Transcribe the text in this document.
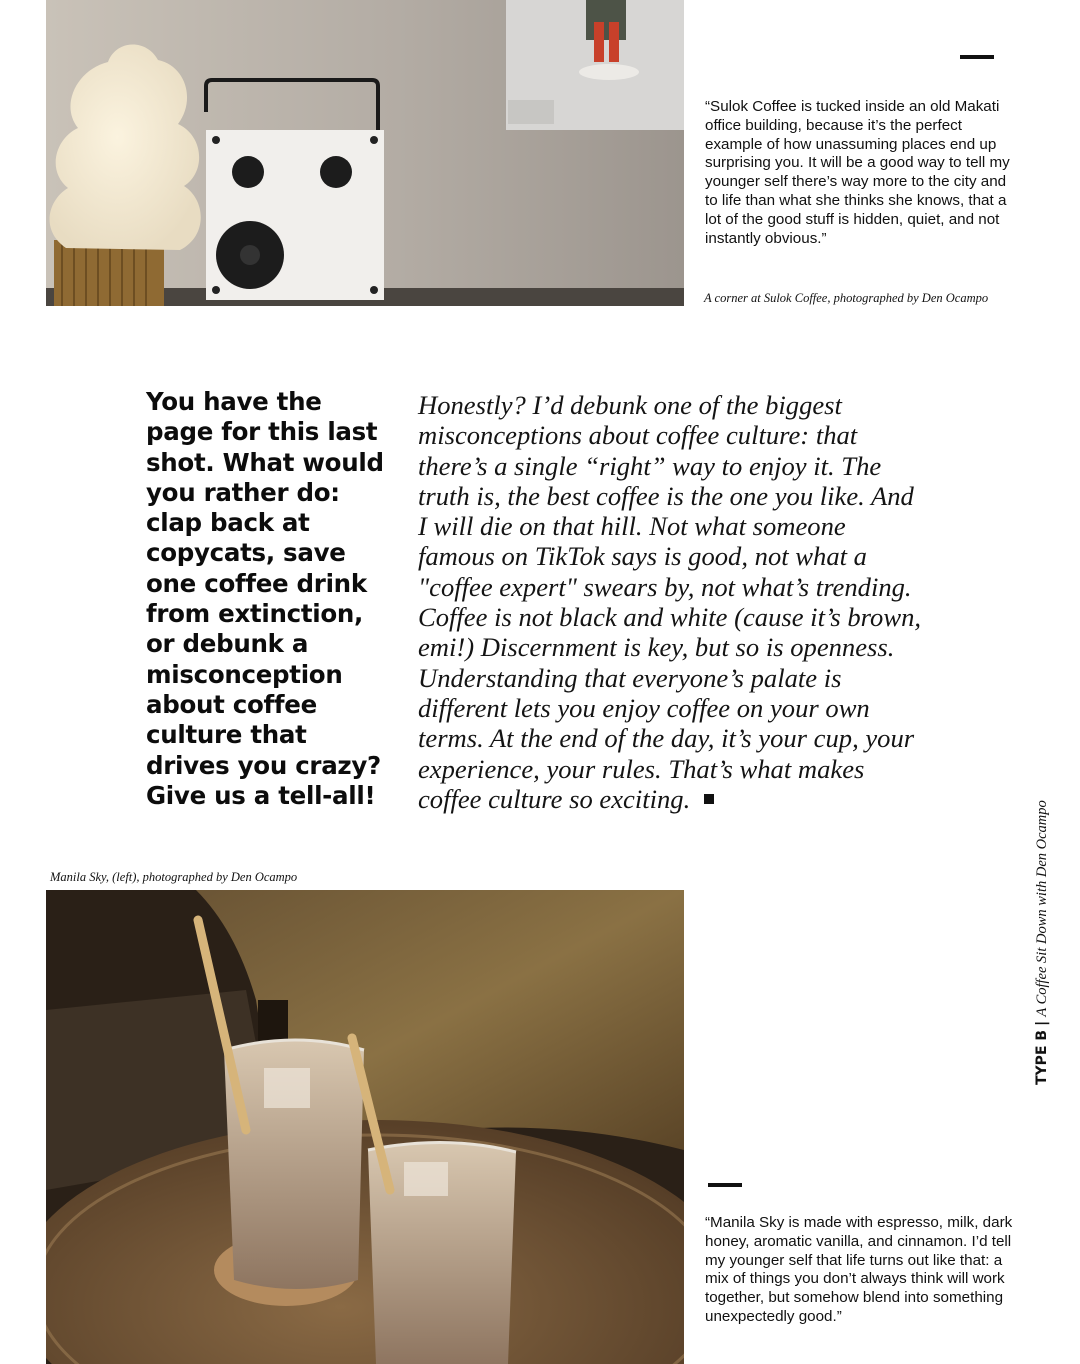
“Sulok Coffee is tucked inside an old Makati office building, because it’s the perfect example of how unassuming places end up surprising you. It will be a good way to tell my younger self there’s way more to the city and to life than what she thinks she knows, that a lot of the good stuff is hidden, quiet, and not instantly obvious.”
A corner at Sulok Coffee, photographed by Den Ocampo
You have the page for this last shot. What would you rather do: clap back at copycats, save one coffee drink from extinction, or debunk a misconception about coffee culture that drives you crazy? Give us a tell-all!
Honestly? I’d debunk one of the biggest misconceptions about coffee culture: that there’s a single “right” way to enjoy it. The truth is, the best coffee is the one you like. And I will die on that hill. Not what someone famous on TikTok says is good, not what a "coffee expert" swears by, not what’s trending. Coffee is not black and white (cause it’s brown, emi!) Discernment is key, but so is openness. Understanding that everyone’s palate is different lets you enjoy coffee on your own terms. At the end of the day, it’s your cup, your experience, your rules. That’s what makes coffee culture so exciting.
Manila Sky, (left), photographed by Den Ocampo
“Manila Sky is made with espresso, milk, dark honey, aromatic vanilla, and cinnamon. I’d tell my younger self that life turns out like that: a mix of things you don’t always think will work together, but somehow blend into something unexpectedly good.”
TYPE B|A Coffee Sit Down with Den Ocampo
